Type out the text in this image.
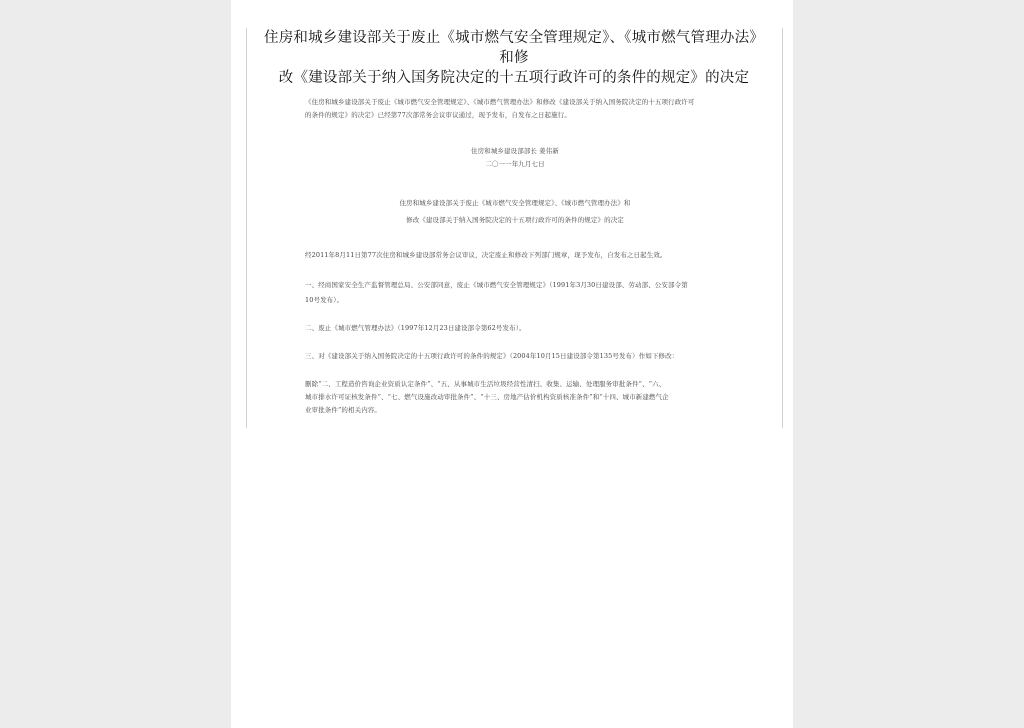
住房和城乡建设部关于废止《城市燃气安全管理规定》、《城市燃气管理办法》和修
改《建设部关于纳入国务院决定的十五项行政许可的条件的规定》的决定
《住房和城乡建设部关于废止《城市燃气安全管理规定》、《城市燃气管理办法》和修改《建设部关于纳入国务院决定的十五项行政许可
的条件的规定》的决定》已经第77次部常务会议审议通过，现予发布，自发布之日起施行。
住房和城乡建设部部长 姜伟新
二〇一一年九月七日
住房和城乡建设部关于废止《城市燃气安全管理规定》、《城市燃气管理办法》和
修改《建设部关于纳入国务院决定的十五项行政许可的条件的规定》的决定
经2011年8月11日第77次住房和城乡建设部常务会议审议，决定废止和修改下列部门规章，现予发布，自发布之日起生效。
一、经商国家安全生产监督管理总局、公安部同意，废止《城市燃气安全管理规定》（1991年3月30日建设部、劳动部、公安部令第
10号发布）。
二、废止《城市燃气管理办法》（1997年12月23日建设部令第62号发布）。
三、对《建设部关于纳入国务院决定的十五项行政许可的条件的规定》（2004年10月15日建设部令第135号发布）作如下修改：
删除“二、工程造价咨询企业资质认定条件”、“五、从事城市生活垃圾经营性清扫、收集、运输、处理服务审批条件”、“六、
城市排水许可证核发条件”、“七、燃气设施改动审批条件”、“十三、房地产估价机构资质核准条件”和“十四、城市新建燃气企
业审批条件”的相关内容。
